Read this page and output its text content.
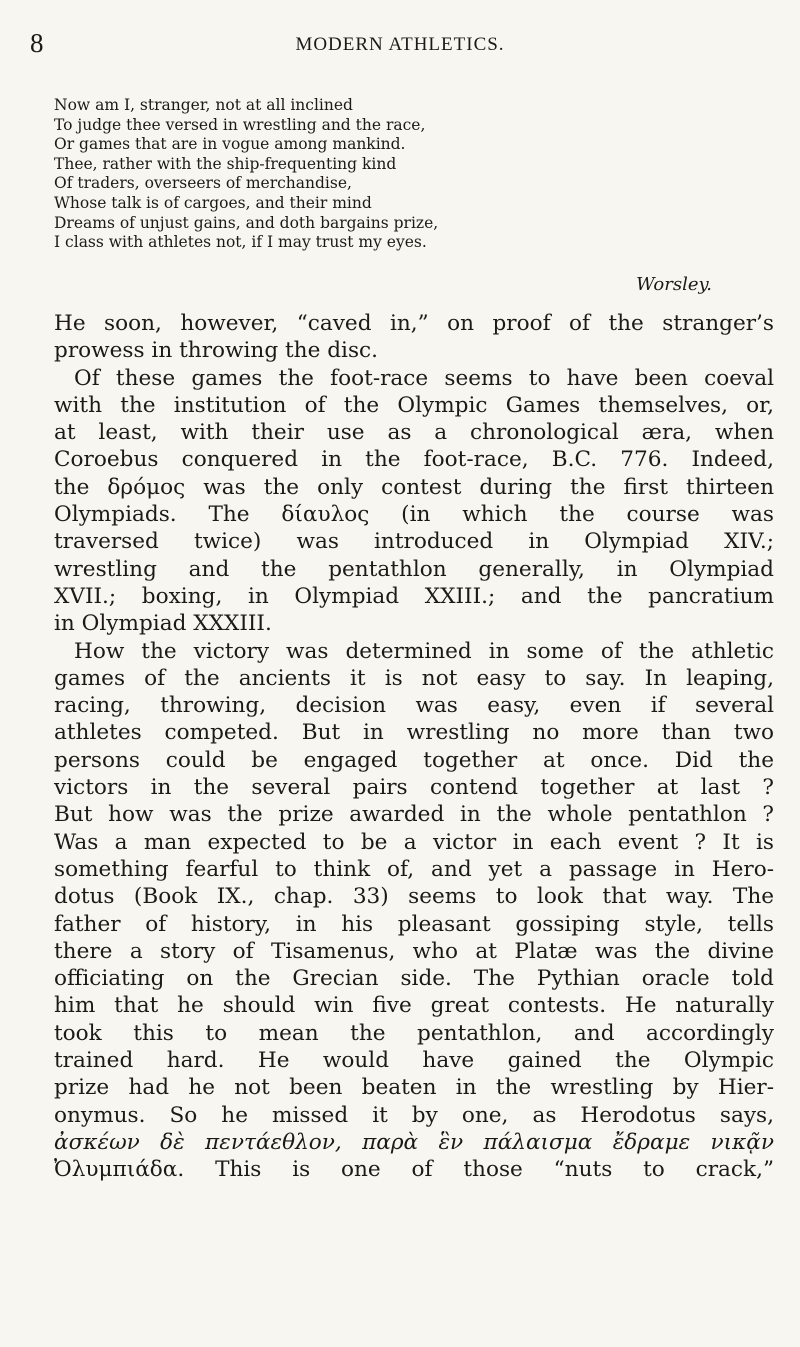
8	MODERN ATHLETICS.
Now am I, stranger, not at all inclined
To judge thee versed in wrestling and the race,
Or games that are in vogue among mankind.
Thee, rather with the ship-frequenting kind
Of traders, overseers of merchandise,
Whose talk is of cargoes, and their mind
Dreams of unjust gains, and doth bargains prize,
I class with athletes not, if I may trust my eyes.
Worsley.
He soon, however, “caved in,” on proof of the stranger’s
prowess in throwing the disc.
Of these games the foot-race seems to have been coeval
with the institution of the Olympic Games themselves, or,
at least, with their use as a chronological æra, when
Coroebus conquered in the foot-race, B.C. 776. Indeed,
the δρόμος was the only contest during the first thirteen
Olympiads. The δίαυλος (in which the course was
traversed twice) was introduced in Olympiad XIV.;
wrestling and the pentathlon generally, in Olympiad
XVII.; boxing, in Olympiad XXIII.; and the pancratium
in Olympiad XXXIII.
How the victory was determined in some of the athletic
games of the ancients it is not easy to say. In leaping,
racing, throwing, decision was easy, even if several
athletes competed. But in wrestling no more than two
persons could be engaged together at once. Did the
victors in the several pairs contend together at last ?
But how was the prize awarded in the whole pentathlon ?
Was a man expected to be a victor in each event ? It is
something fearful to think of, and yet a passage in Hero-
dotus (Book IX., chap. 33) seems to look that way. The
father of history, in his pleasant gossiping style, tells
there a story of Tisamenus, who at Platæ was the divine
officiating on the Grecian side. The Pythian oracle told
him that he should win five great contests. He naturally
took this to mean the pentathlon, and accordingly
trained hard. He would have gained the Olympic
prize had he not been beaten in the wrestling by Hier-
onymus. So he missed it by one, as Herodotus says,
ἀσκέων δὲ πεντάεθλον, παρὰ ἓν πάλαισμα ἔδραμε νικᾷν
Ὀλυμπιάδα. This is one of those “nuts to crack,”
